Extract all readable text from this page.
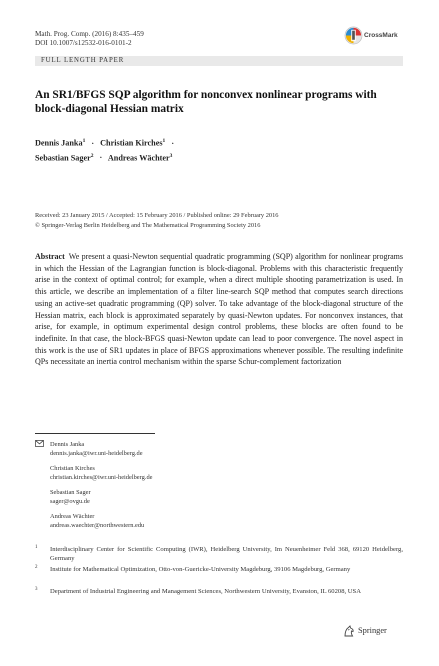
Math. Prog. Comp. (2016) 8:435–459
DOI 10.1007/s12532-016-0101-2
CrossMark
FULL LENGTH PAPER
An SR1/BFGS SQP algorithm for nonconvex nonlinear programs with block-diagonal Hessian matrix
Dennis Janka$^1$ · Christian Kirches$^1$ ·
Sebastian Sager$^2$ · Andreas Wächter$^3$
Received: 23 January 2015 / Accepted: 15 February 2016 / Published online: 29 February 2016
© Springer-Verlag Berlin Heidelberg and The Mathematical Programming Society 2016
Abstract We present a quasi-Newton sequential quadratic programming (SQP) algorithm for nonlinear programs in which the Hessian of the Lagrangian function is block-diagonal. Problems with this characteristic frequently arise in the context of optimal control; for example, when a direct multiple shooting parametrization is used. In this article, we describe an implementation of a filter line-search SQP method that computes search directions using an active-set quadratic programming (QP) solver. To take advantage of the block-diagonal structure of the Hessian matrix, each block is approximated separately by quasi-Newton updates. For nonconvex instances, that arise, for example, in optimum experimental design control problems, these blocks are often found to be indefinite. In that case, the block-BFGS quasi-Newton update can lead to poor convergence. The novel aspect in this work is the use of SR1 updates in place of BFGS approximations whenever possible. The resulting indefinite QPs necessitate an inertia control mechanism within the sparse Schur-complement factorization
Dennis Janka
dennis.janka@iwr.uni-heidelberg.de
Christian Kirches
christian.kirches@iwr.uni-heidelberg.de
Sebastian Sager
sager@ovgu.de
Andreas Wächter
andreas.waechter@northwestern.edu
1 Interdisciplinary Center for Scientific Computing (IWR), Heidelberg University, Im Neuenheimer Feld 368, 69120 Heidelberg, Germany
2 Institute for Mathematical Optimization, Otto-von-Guericke-University Magdeburg, 39106 Magdeburg, Germany
3 Department of Industrial Engineering and Management Sciences, Northwestern University, Evanston, IL 60208, USA
Springer
